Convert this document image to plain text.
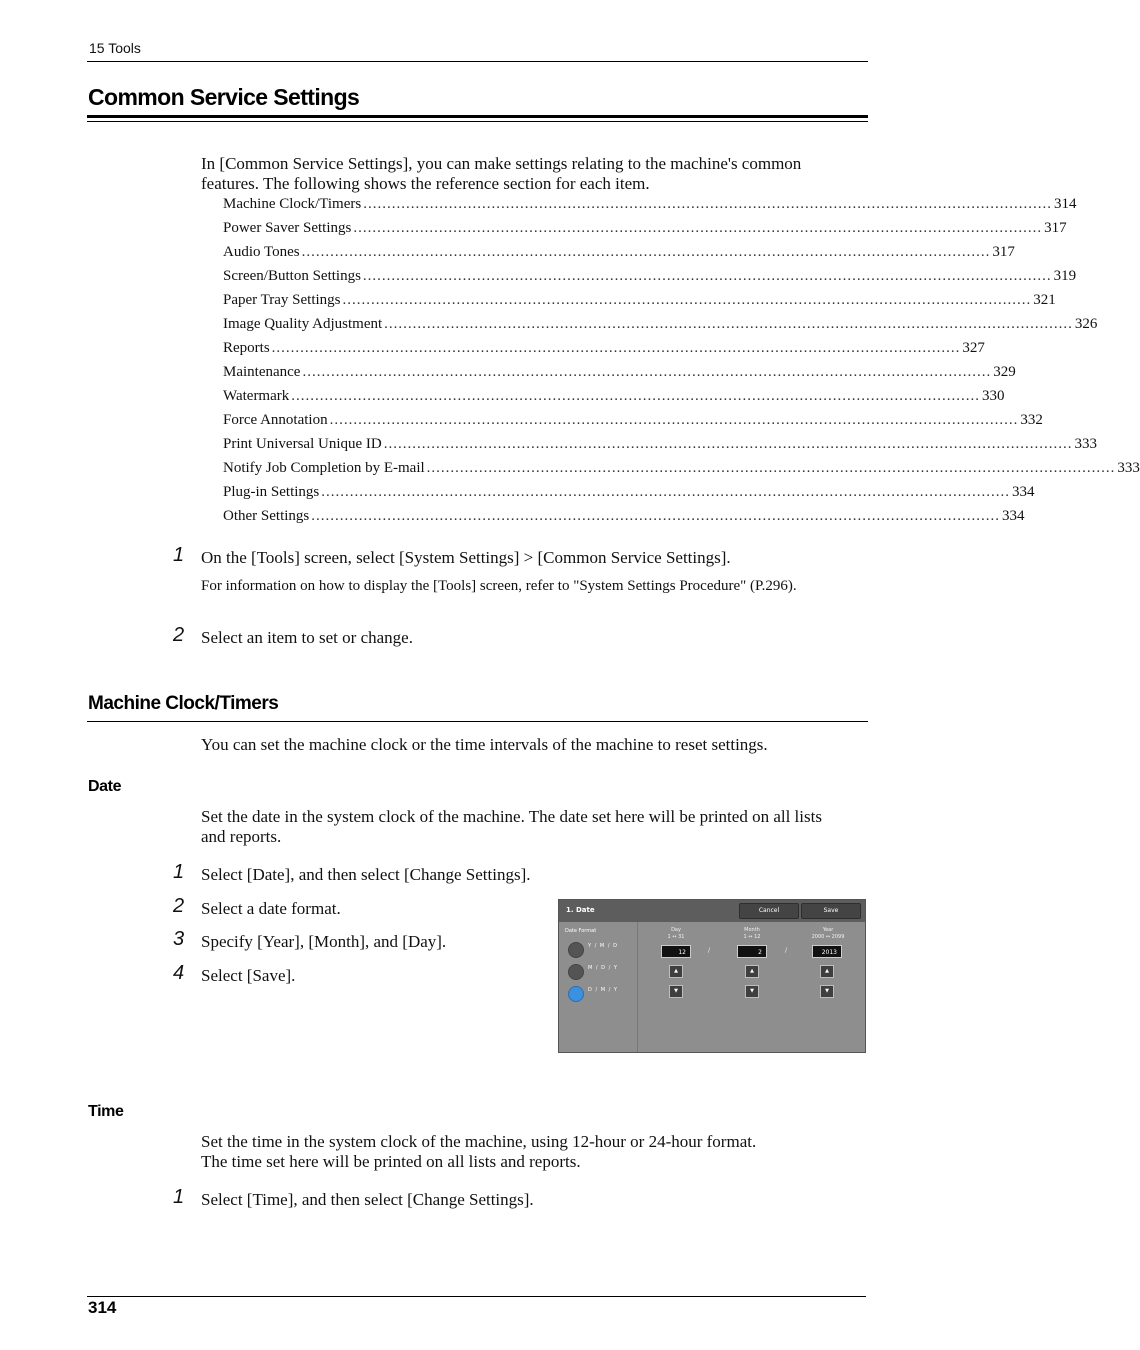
15 Tools
Common Service Settings
In [Common Service Settings], you can make settings relating to the machine's common
features. The following shows the reference section for each item.
Machine Clock/Timers ................................................................................................................................................. 314
Power Saver Settings ................................................................................................................................................. 317
Audio Tones ................................................................................................................................................. 317
Screen/Button Settings ................................................................................................................................................. 319
Paper Tray Settings ................................................................................................................................................. 321
Image Quality Adjustment ................................................................................................................................................. 326
Reports ................................................................................................................................................. 327
Maintenance ................................................................................................................................................. 329
Watermark ................................................................................................................................................. 330
Force Annotation ................................................................................................................................................. 332
Print Universal Unique ID ................................................................................................................................................. 333
Notify Job Completion by E-mail ................................................................................................................................................. 333
Plug-in Settings ................................................................................................................................................. 334
Other Settings ................................................................................................................................................. 334
1 On the [Tools] screen, select [System Settings] > [Common Service Settings].
For information on how to display the [Tools] screen, refer to "System Settings Procedure" (P.296).
2 Select an item to set or change.
Machine Clock/Timers
You can set the machine clock or the time intervals of the machine to reset settings.
Date
Set the date in the system clock of the machine. The date set here will be printed on all lists
and reports.
1 Select [Date], and then select [Change Settings].
2 Select a date format.
3 Specify [Year], [Month], and [Day].
4 Select [Save].
1. Date	Cancel	Save
Date Format
Y / M / D
M / D / Y
D / M / Y
Day
1 ↔ 31
12	/
▲
▼
Month
1 ↔ 12
2	/
▲
▼
Year
2000 ↔ 2099
2013
▲
▼
Time
Set the time in the system clock of the machine, using 12-hour or 24-hour format.
The time set here will be printed on all lists and reports.
1 Select [Time], and then select [Change Settings].
314
